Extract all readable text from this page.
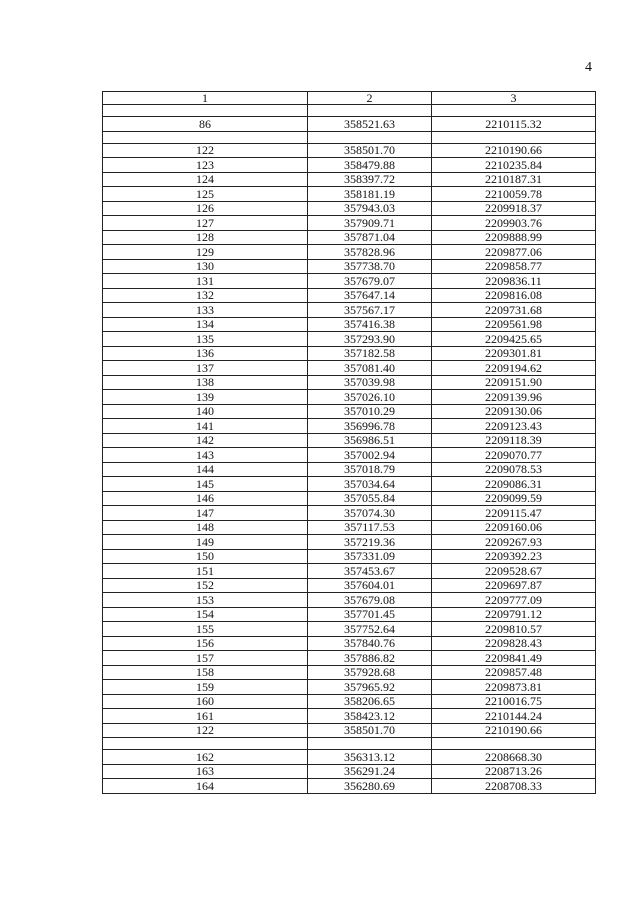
4
1	2	3

86	358521.63	2210115.32

122	358501.70	2210190.66
123	358479.88	2210235.84
124	358397.72	2210187.31
125	358181.19	2210059.78
126	357943.03	2209918.37
127	357909.71	2209903.76
128	357871.04	2209888.99
129	357828.96	2209877.06
130	357738.70	2209858.77
131	357679.07	2209836.11
132	357647.14	2209816.08
133	357567.17	2209731.68
134	357416.38	2209561.98
135	357293.90	2209425.65
136	357182.58	2209301.81
137	357081.40	2209194.62
138	357039.98	2209151.90
139	357026.10	2209139.96
140	357010.29	2209130.06
141	356996.78	2209123.43
142	356986.51	2209118.39
143	357002.94	2209070.77
144	357018.79	2209078.53
145	357034.64	2209086.31
146	357055.84	2209099.59
147	357074.30	2209115.47
148	357117.53	2209160.06
149	357219.36	2209267.93
150	357331.09	2209392.23
151	357453.67	2209528.67
152	357604.01	2209697.87
153	357679.08	2209777.09
154	357701.45	2209791.12
155	357752.64	2209810.57
156	357840.76	2209828.43
157	357886.82	2209841.49
158	357928.68	2209857.48
159	357965.92	2209873.81
160	358206.65	2210016.75
161	358423.12	2210144.24
122	358501.70	2210190.66

162	356313.12	2208668.30
163	356291.24	2208713.26
164	356280.69	2208708.33
